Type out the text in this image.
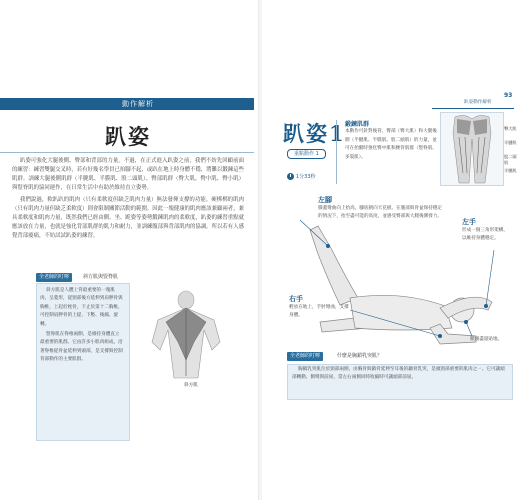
動作解析
趴姿

趴姿可強化大腿後側、臀部和背部的力量。不過，在正式進入趴姿之前，我們不妨先回顧前面的練習：練習雙腿交叉時，若有好幾名學員已抬腳不起，或趴在地上時身體不穩，將難以鍛鍊這些肌群。訓練大腿後側肌群（半腱肌、半膜肌、股二頭肌）、臀部肌群（臀大肌、臀中肌、臀小肌）與豎脊肌的協同運作，在日常生活中有助於維持直立姿勢。

我們說過，軟趴趴的肌肉（只有柔軟度但缺乏肌肉力量）無法發揮支撐的功能。硬梆梆的肌肉（只有肌肉力量但缺乏柔軟度）則會限制關節活動的範圍。因此一塊健康的肌肉應該兼顧兩者，兼具柔軟度和肌肉力量，既然我們已經由側、坐、跪姿等姿勢鍛鍊肌肉的柔軟度，趴姿的練習重點就應該放在力量，也就是強化背部肌群的肌力和耐力，並訓練腹部與背部肌肉的協調。所以若有人感覺背部痠痛，不妨試試趴姿的練習。

全老師的叮嚀	斜方肌與豎脊肌

斜方肌是人體上背最重要的一塊肌肉，呈菱形，從頸部後方延伸到肩胛骨與胸椎，上起於枕骨，下止於第十二胸椎，可控制肩胛骨的上提、下壓、後縮、旋轉。

豎脊肌在脊椎兩側，是維持身體直立最重要的肌群。它由許多小肌肉組成，沿著脊椎從骨盆延伸到頭部，是支撐與控制背部動作的主要肌群。

斜方肌
趴姿動作解析
93
趴姿1
重點動作 1
1分33秒
鍛鍊肌群
本動作可針對後背、臀部（臀大肌）和大腿後側（半腱肌、半膜肌、股二頭肌）的力量，並可在抬腿時強化臀中肌和腰背肌群（豎脊肌、多裂肌）。
臀大肌
半腱肌
股二頭肌
半膜肌
左腳
膝蓋彎曲向上抬高，腳底朝向天花板。在腹部與骨盆保持穩定的情況下，抬至盡可能的高度，並感受臀部與大腿後側發力。
左手
形成一個三角形架構，以維持身體穩定。
右手
輕放在地上，手肘彎曲，支撐身體。
額頭盡量貼地。
全老師的叮嚀	什麼是胸鎖乳突肌？
胸鎖乳突肌位於頸部兩側，由胸骨與鎖骨延伸至耳後的顳骨乳突，是頭頸部重要的肌肉之一。它可讓頭部轉動、側彎與前屈，當左右兩側同時收縮時可讓頭部前屈。
